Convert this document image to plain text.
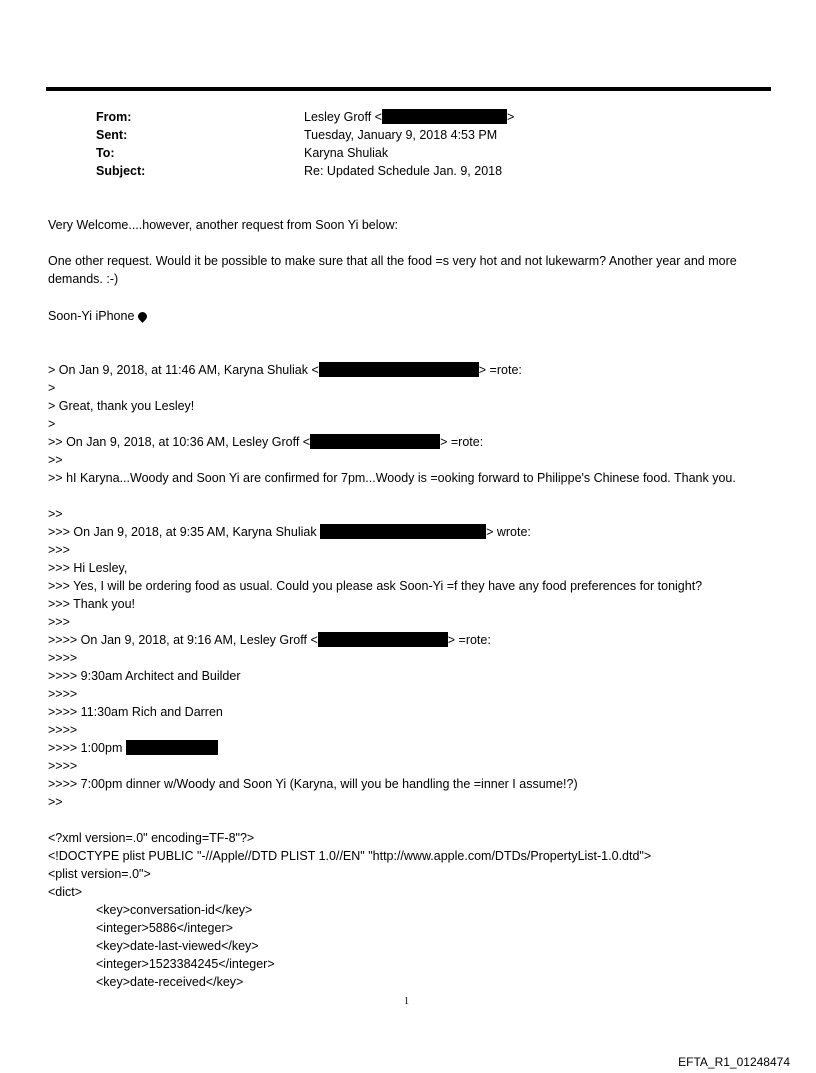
From:	Lesley Groff <	>
Sent:	Tuesday, January 9, 2018 4:53 PM
To:	Karyna Shuliak
Subject:	Re: Updated Schedule Jan. 9, 2018
Very Welcome....however, another request from Soon Yi below:
One other request. Would it be possible to make sure that all the food =s very hot and not lukewarm? Another year and more demands. :-)
Soon-Yi iPhone
> On Jan 9, 2018, at 11:46 AM, Karyna Shuliak <	> =rote:
>
> Great, thank you Lesley!
>
>> On Jan 9, 2018, at 10:36 AM, Lesley Groff <	> =rote:
>>
>> hI Karyna...Woody and Soon Yi are confirmed for 7pm...Woody is =ooking forward to Philippe's Chinese food. Thank you.
>>
>>> On Jan 9, 2018, at 9:35 AM, Karyna Shuliak	> wrote:
>>>
>>> Hi Lesley,
>>> Yes, I will be ordering food as usual. Could you please ask Soon-Yi =f they have any food preferences for tonight?
>>> Thank you!
>>>
>>>> On Jan 9, 2018, at 9:16 AM, Lesley Groff <	> =rote:
>>>>
>>>> 9:30am Architect and Builder
>>>>
>>>> 11:30am Rich and Darren
>>>>
>>>> 1:00pm
>>>>
>>>> 7:00pm dinner w/Woody and Soon Yi (Karyna, will you be handling the =inner I assume!?)
>>
<?xml version=.0" encoding=TF-8"?>
<!DOCTYPE plist PUBLIC "-//Apple//DTD PLIST 1.0//EN" "http://www.apple.com/DTDs/PropertyList-1.0.dtd">
<plist version=.0">
<dict>
<key>conversation-id</key>
<integer>5886</integer>
<key>date-last-viewed</key>
<integer>1523384245</integer>
<key>date-received</key>
1
EFTA_R1_01248474
